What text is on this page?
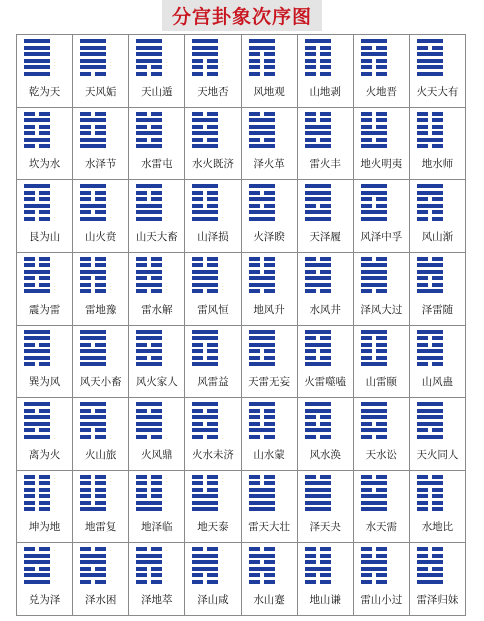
分宫卦象次序图
乾为天	天风姤	天山遁	天地否	风地观	山地剥	火地晋	火天大有
坎为水	水泽节	水雷屯	水火既济	泽火革	雷火丰	地火明夷	地水师
艮为山	山火贲	山天大畜	山泽损	火泽睽	天泽履	风泽中孚	风山渐
震为雷	雷地豫	雷水解	雷风恒	地风升	水风井	泽风大过	泽雷随
巽为风	风天小畜	风火家人	风雷益	天雷无妄	火雷噬嗑	山雷颐	山风蛊
离为火	火山旅	火风鼎	火水未济	山水蒙	风水涣	天水讼	天火同人
坤为地	地雷复	地泽临	地天泰	雷天大壮	泽天夬	水天需	水地比
兑为泽	泽水困	泽地萃	泽山咸	水山蹇	地山谦	雷山小过	雷泽归妹
